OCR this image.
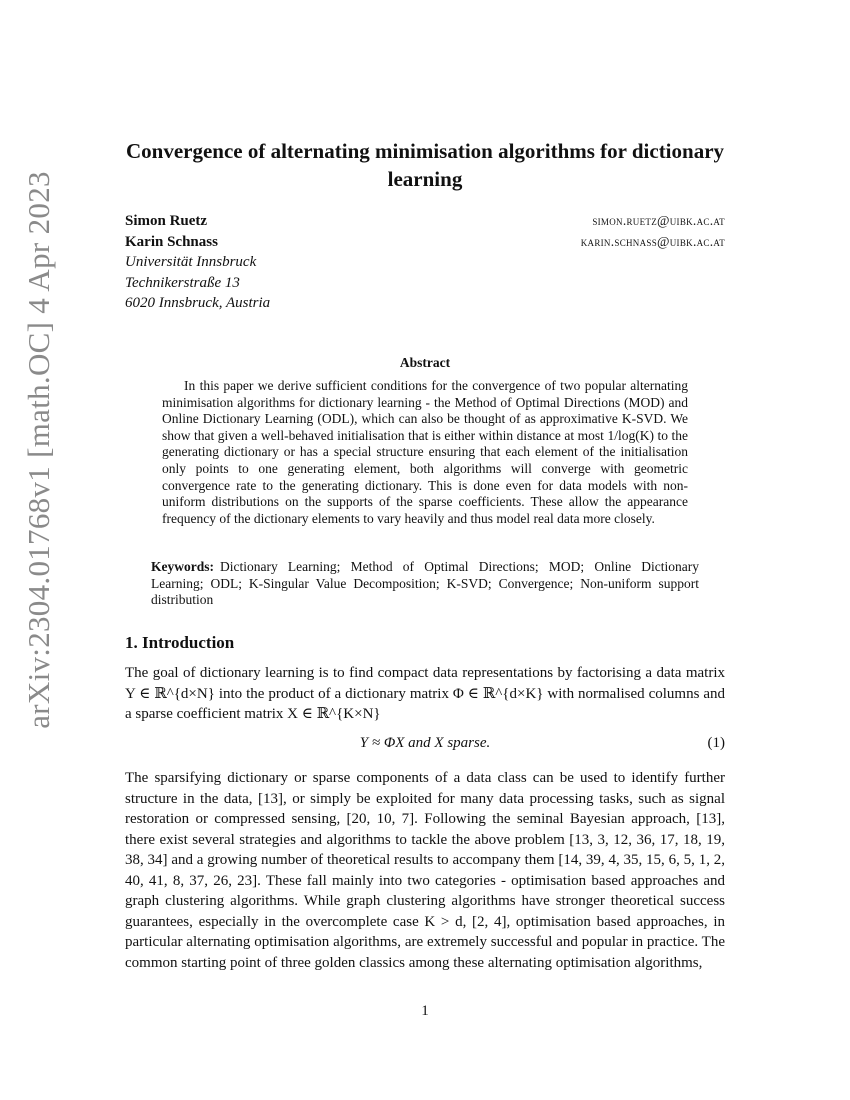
arXiv:2304.01768v1 [math.OC] 4 Apr 2023
Convergence of alternating minimisation algorithms for dictionary learning
Simon Ruetz	simon.ruetz@uibk.ac.at
Karin Schnass	karin.schnass@uibk.ac.at
Universität Innsbruck
Technikerstraße 13
6020 Innsbruck, Austria
Abstract

In this paper we derive sufficient conditions for the convergence of two popular alternating minimisation algorithms for dictionary learning - the Method of Optimal Directions (MOD) and Online Dictionary Learning (ODL), which can also be thought of as approximative K-SVD. We show that given a well-behaved initialisation that is either within distance at most 1/log(K) to the generating dictionary or has a special structure ensuring that each element of the initialisation only points to one generating element, both algorithms will converge with geometric convergence rate to the generating dictionary. This is done even for data models with non-uniform distributions on the supports of the sparse coefficients. These allow the appearance frequency of the dictionary elements to vary heavily and thus model real data more closely.

Keywords: Dictionary Learning; Method of Optimal Directions; MOD; Online Dictionary Learning; ODL; K-Singular Value Decomposition; K-SVD; Convergence; Non-uniform support distribution

1. Introduction

The goal of dictionary learning is to find compact data representations by factorising a data matrix Y ∈ ℝ^{d×N} into the product of a dictionary matrix Φ ∈ ℝ^{d×K} with normalised columns and a sparse coefficient matrix X ∈ ℝ^{K×N}

Y ≈ ΦX and X sparse.	(1)

The sparsifying dictionary or sparse components of a data class can be used to identify further structure in the data, [13], or simply be exploited for many data processing tasks, such as signal restoration or compressed sensing, [20, 10, 7]. Following the seminal Bayesian approach, [13], there exist several strategies and algorithms to tackle the above problem [13, 3, 12, 36, 17, 18, 19, 38, 34] and a growing number of theoretical results to accompany them [14, 39, 4, 35, 15, 6, 5, 1, 2, 40, 41, 8, 37, 26, 23]. These fall mainly into two categories - optimisation based approaches and graph clustering algorithms. While graph clustering algorithms have stronger theoretical success guarantees, especially in the overcomplete case K > d, [2, 4], optimisation based approaches, in particular alternating optimisation algorithms, are extremely successful and popular in practice. The common starting point of three golden classics among these alternating optimisation algorithms,

1
